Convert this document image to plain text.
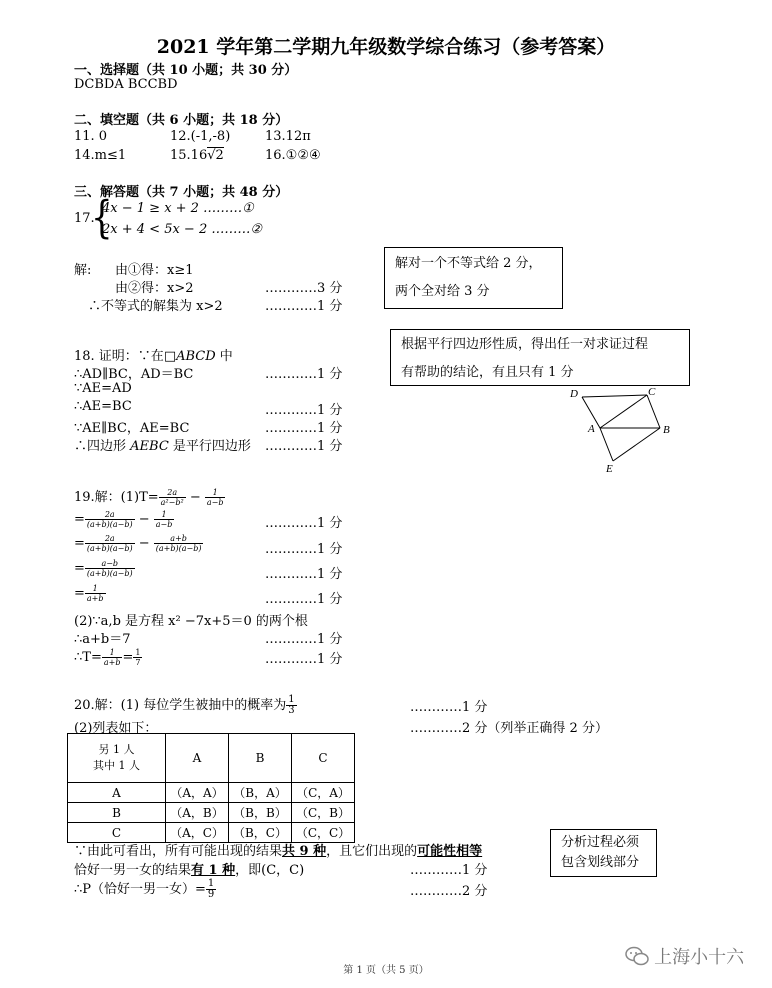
2021 学年第二学期九年级数学综合练习（参考答案）
一、选择题（共 10 小题；共 30 分）
DCBDA BCCBD
二、填空题（共 6 小题；共 18 分）
11. 0	12.(-1,-8)	13.12π
14.m≤1	15.16√2	16.①②④
三、解答题（共 7 小题；共 48 分）
17.
{
4x − 1 ≥ x + 2 ………①
2x + 4 < 5x − 2 ………②
解: 由①得：x≥1
由②得：x>2	…………3 分
∴不等式的解集为 x>2	…………1 分
解对一个不等式给 2 分，
两个全对给 3 分
18. 证明：∵在□ABCD 中
∴AD∥BC，AD＝BC	…………1 分
∵AE=AD
∴AE=BC	…………1 分
∵AE∥BC，AE=BC	…………1 分
∴四边形 AEBC 是平行四边形 …………1 分
根据平行四边形性质，得出任一对求证过程
有帮助的结论，有且只有 1 分
D	C
A	B
E
19.解：$(1)T= \frac{2a}{\text{a²−b²}} - \frac{1}{a-b}$
= $\frac{2a}{(a+b)(a-b)} - \frac{1}{a-b}$	…………1 分
= $\frac{2a}{(a+b)(a-b)} - \frac{a+b}{(a+b)(a-b)}$	…………1 分
= $\frac{a-b}{(a+b)(a-b)}$	…………1 分
= $\frac{1}{a+b}$	…………1 分
(2)∵a,b 是方程 x² −7x+5＝0 的两个根
∴a+b＝7	…………1 分
∴T= $\frac{1}{a+b} = \frac{1}{7}$	…………1 分
20.解：(1) 每位学生被抽中的概率为 $\frac{1}{3}$	…………1 分
(2)列表如下：	…………2 分（列举正确得 2 分）
另 1 人
其中 1 人	A	B	C
A	（A，A）	（B，A）	（C，A）
B	（A，B）	（B，B）	（C，B）
C	（A，C）	（B，C）	（C，C）
∵由此可看出，所有可能出现的结果共 9 种，且它们出现的可能性相等
恰好一男一女的结果有 1 种，即(C，C)	…………1 分
∴P（恰好一男一女）= $\frac{1}{9}$	…………2 分
分析过程必须
包含划线部分
第 1 页（共 5 页）
上海小十六
